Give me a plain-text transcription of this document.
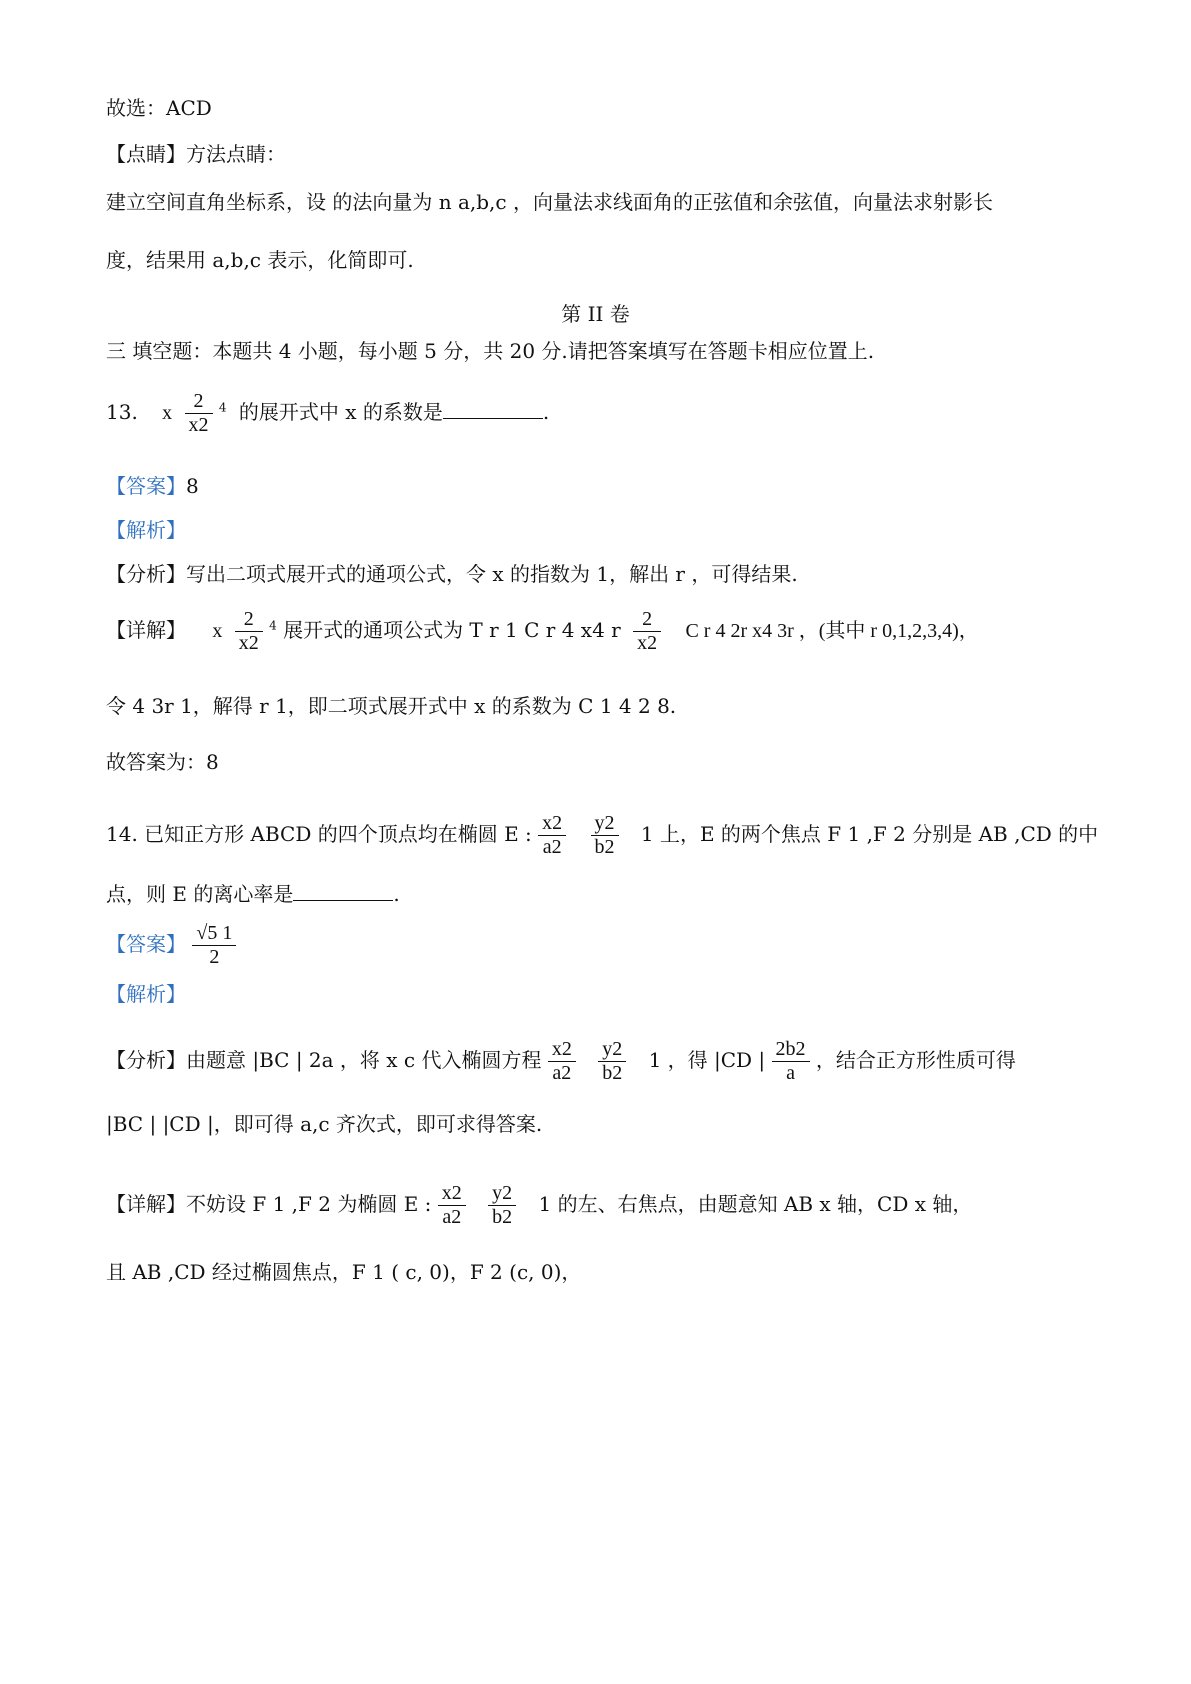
故选：ACD
【点睛】方法点睛：
建立空间直角坐标系，设 的法向量为 n a,b,c ，向量法求线面角的正弦值和余弦值，向量法求射影长
度，结果用 a,b,c 表示，化简即可.
第 II 卷
三 填空题：本题共 4 小题，每小题 5 分，共 20 分.请把答案填写在答题卡相应位置上.
13. x $\frac{2}{x2} ^4$ 的展开式中 x 的系数是	.
【答案】8
【解析】
【分析】写出二项式展开式的通项公式，令 x 的指数为 1，解出 r ，可得结果.
【详解】 x $\frac{2}{x2} ^4$ 展开式的通项公式为 T r 1 C r 4 x4 r $\frac{2}{x2}$ C r 4 2r x4 3r ，(其中 r 0,1,2,3,4)，
令 4 3r 1，解得 r 1，即二项式展开式中 x 的系数为 C 1 4 2 8.
故答案为：8
14. 已知正方形 ABCD 的四个顶点均在椭圆 E : $\frac{x2}{a2}$
$\frac{y2}{b2} 1$ 上，E 的两个焦点 F 1 ,F 2 分别是 AB ,CD 的中
点，则 E 的离心率是	.
【答案】 $\frac{√5 1}{2}$
【解析】
【分析】由题意 |BC | 2a ，将 x c 代入椭圆方程 $\frac{x2}{a2}$
$\frac{y2}{b2} 1$ ，得 |CD | $\frac{2b2}{a}$ ，结合正方形性质可得
|BC | |CD |，即可得 a,c 齐次式，即可求得答案.
【详解】不妨设 F 1 ,F 2 为椭圆 E : $\frac{x2}{a2}$
$\frac{y2}{b2} 1$ 的左、右焦点，由题意知 AB x 轴，CD x 轴，
且 AB ,CD 经过椭圆焦点，F 1 ( c, 0)，F 2 (c, 0)，
